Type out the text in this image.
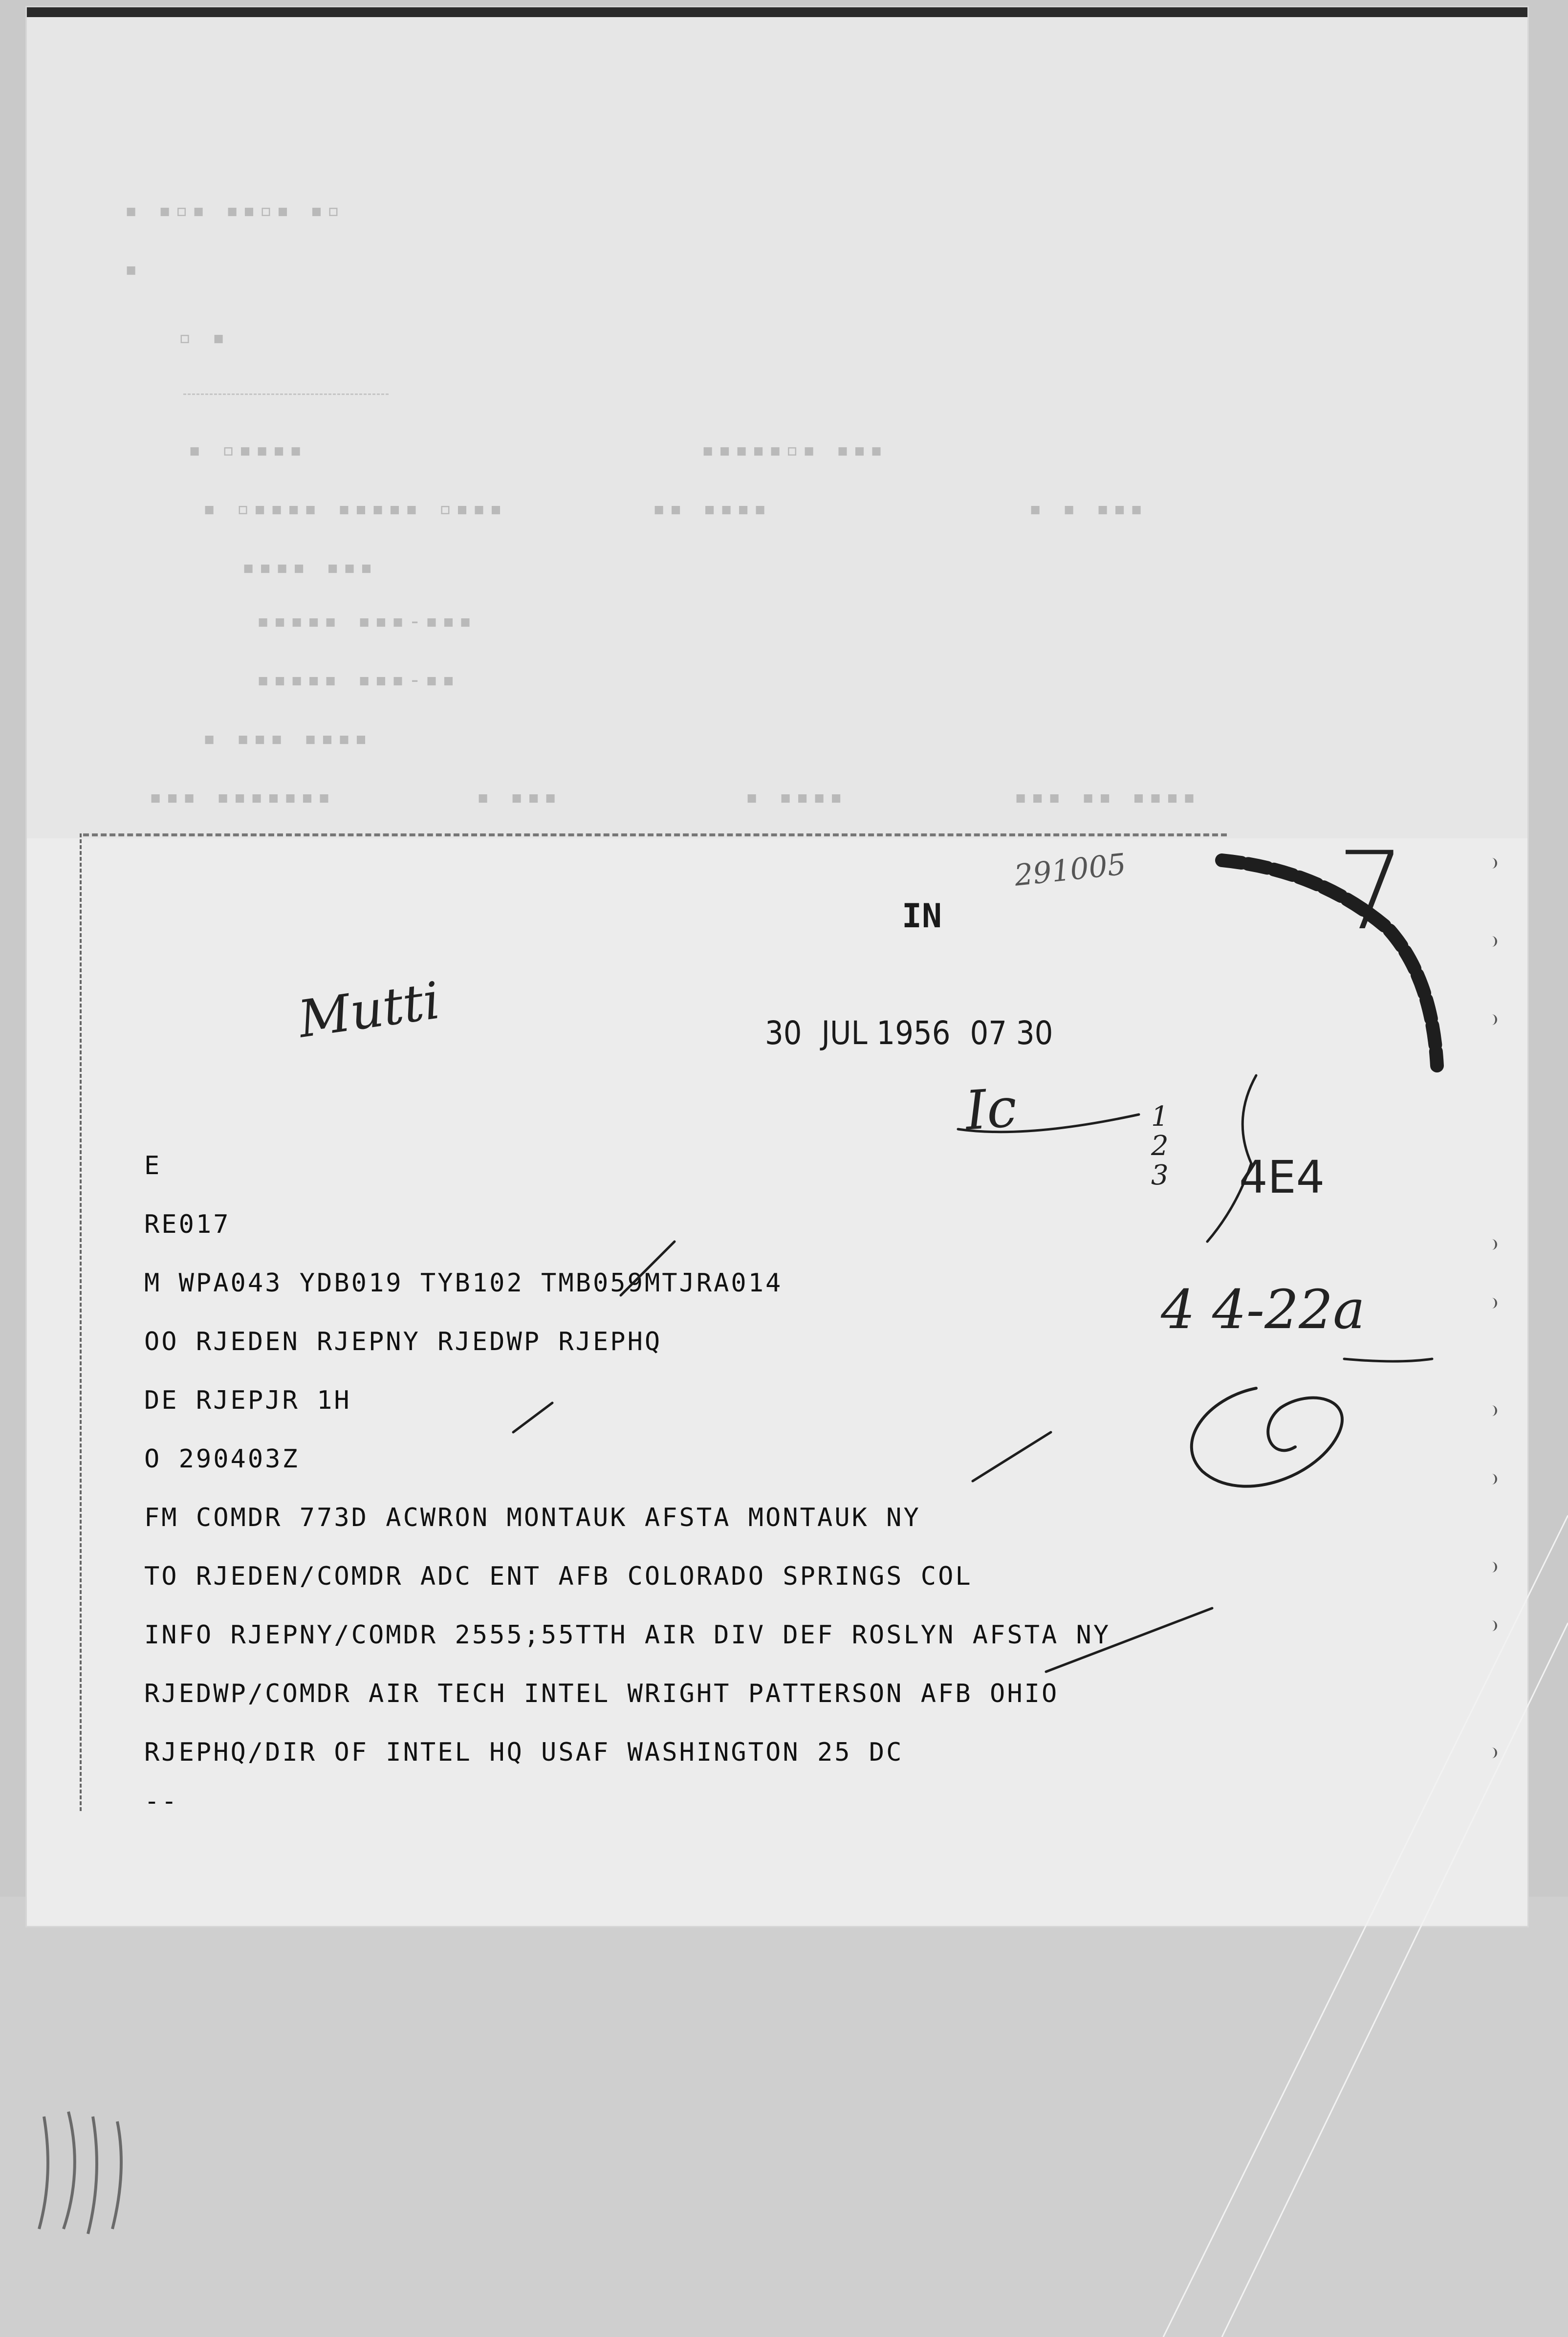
▪ ▪▫▪ ▪▪▫▪ ▪▫
▪
▫ ▪
▪ ▫▪▪▪▪	▪▪▪▪▪▫▪ ▪▪▪
▪ ▫▪▪▪▪ ▪▪▪▪▪ ▫▪▪▪	▪▪ ▪▪▪▪	▪ ▪ ▪▪▪
▪▪▪▪ ▪▪▪
▪▪▪▪▪ ▪▪▪-▪▪▪
▪▪▪▪▪ ▪▪▪-▪▪
▪ ▪▪▪ ▪▪▪▪
▪▪▪ ▪▪▪▪▪▪▪	▪ ▪▪▪	▪ ▪▪▪▪	▪▪▪ ▪▪ ▪▪▪▪
IN
30 JUL 1956 07 30
E
RE017
M WPA043 YDB019 TYB102 TMB059MTJRA014
OO RJEDEN RJEPNY RJEDWP RJEPHQ
DE RJEPJR 1H
O 290403Z
FM COMDR 773D ACWRON MONTAUK AFSTA MONTAUK NY
TO RJEDEN/COMDR ADC ENT AFB COLORADO SPRINGS COL
INFO RJEPNY/COMDR 2555;55TTH AIR DIV DEF ROSLYN AFSTA NY
RJEDWP/COMDR AIR TECH INTEL WRIGHT PATTERSON AFB OHIO
RJEPHQ/DIR OF INTEL HQ USAF WASHINGTON 25 DC
--
Mutti
291005 7
Ic	1
2
3 4E4
4 4-22a
